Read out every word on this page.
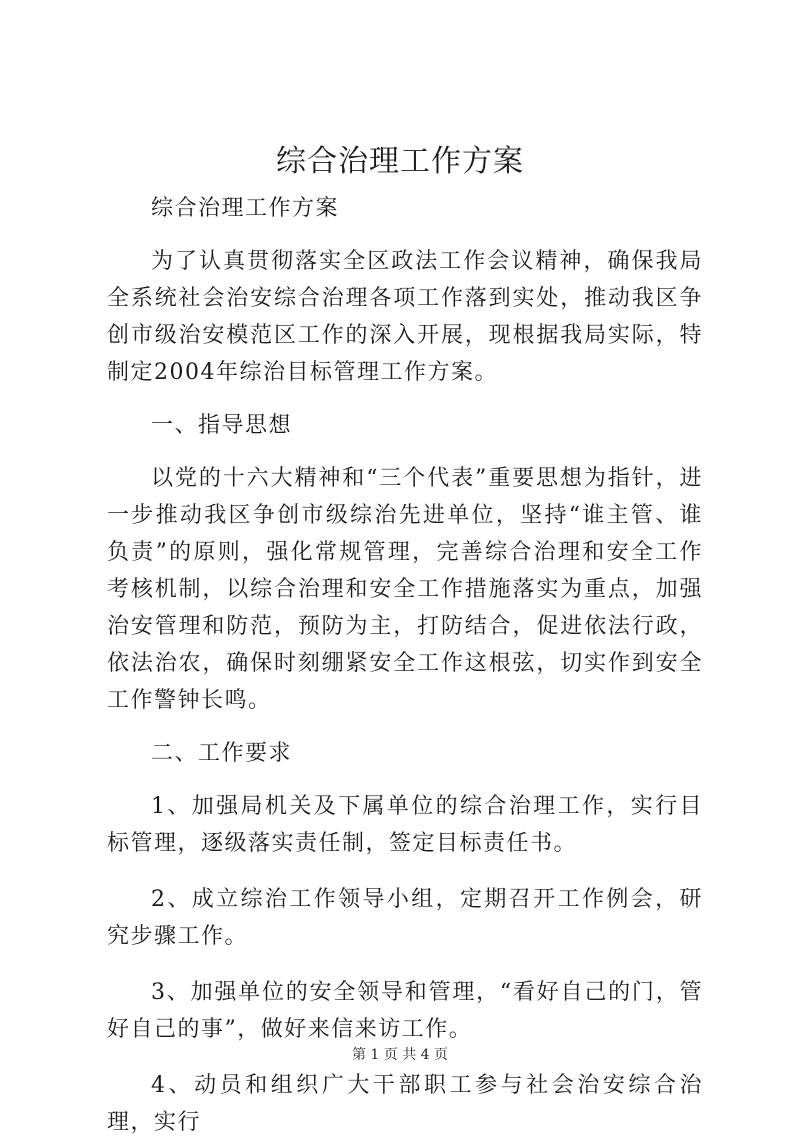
综合治理工作方案

综合治理工作方案

为了认真贯彻落实全区政法工作会议精神，确保我局全系统社会治安综合治理各项工作落到实处，推动我区争创市级治安模范区工作的深入开展，现根据我局实际，特制定2004年综治目标管理工作方案。

一、指导思想

以党的十六大精神和“三个代表”重要思想为指针，进一步推动我区争创市级综治先进单位，坚持“谁主管、谁负责”的原则，强化常规管理，完善综合治理和安全工作考核机制，以综合治理和安全工作措施落实为重点，加强治安管理和防范，预防为主，打防结合，促进依法行政，依法治农，确保时刻绷紧安全工作这根弦，切实作到安全工作警钟长鸣。

二、工作要求

1、加强局机关及下属单位的综合治理工作，实行目标管理，逐级落实责任制，签定目标责任书。

2、成立综治工作领导小组，定期召开工作例会，研究步骤工作。

3、加强单位的安全领导和管理，“看好自己的门，管好自己的事”，做好来信来访工作。

4、动员和组织广大干部职工参与社会治安综合治理，实行

第 1 页 共 4 页
